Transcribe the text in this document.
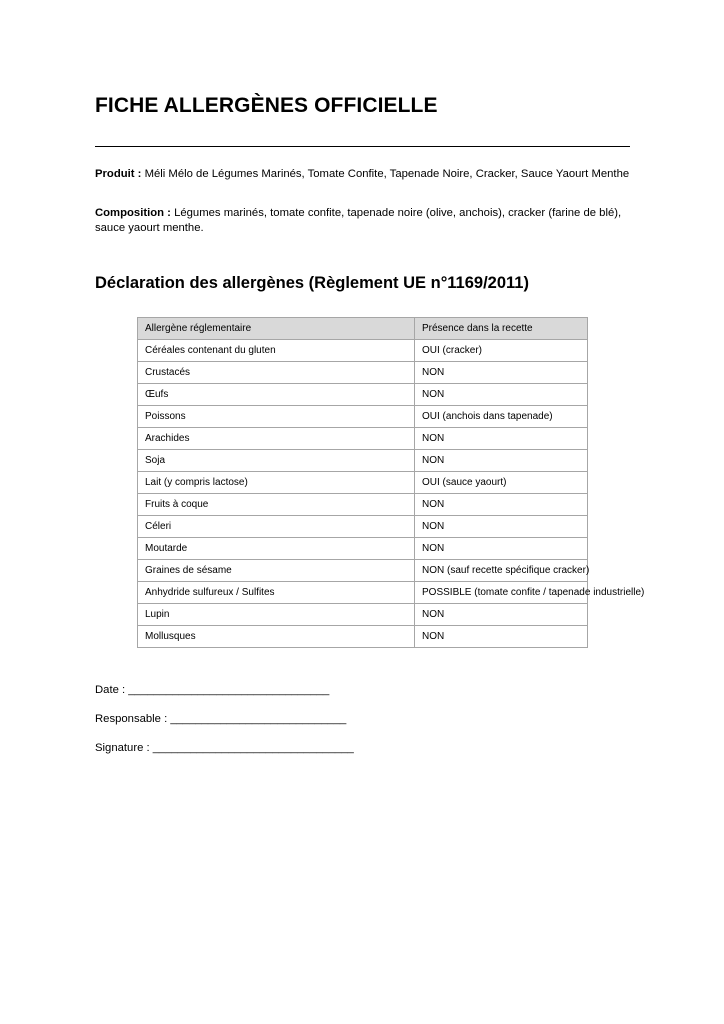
FICHE ALLERGÈNES OFFICIELLE

Produit : Méli Mélo de Légumes Marinés, Tomate Confite, Tapenade Noire, Cracker, Sauce Yaourt Menthe

Composition : Légumes marinés, tomate confite, tapenade noire (olive, anchois), cracker (farine de blé), sauce yaourt menthe.

Déclaration des allergènes (Règlement UE n°1169/2011)
Allergène réglementaire	Présence dans la recette
Céréales contenant du gluten	OUI (cracker)
Crustacés	NON
Œufs	NON
Poissons	OUI (anchois dans tapenade)
Arachides	NON
Soja	NON
Lait (y compris lactose)	OUI (sauce yaourt)
Fruits à coque	NON
Céleri	NON
Moutarde	NON
Graines de sésame	NON (sauf recette spécifique cracker)
Anhydride sulfureux / Sulfites	POSSIBLE (tomate confite / tapenade industrielle)
Lupin	NON
Mollusques	NON

Date : ________________________________

Responsable : ____________________________

Signature : ________________________________
